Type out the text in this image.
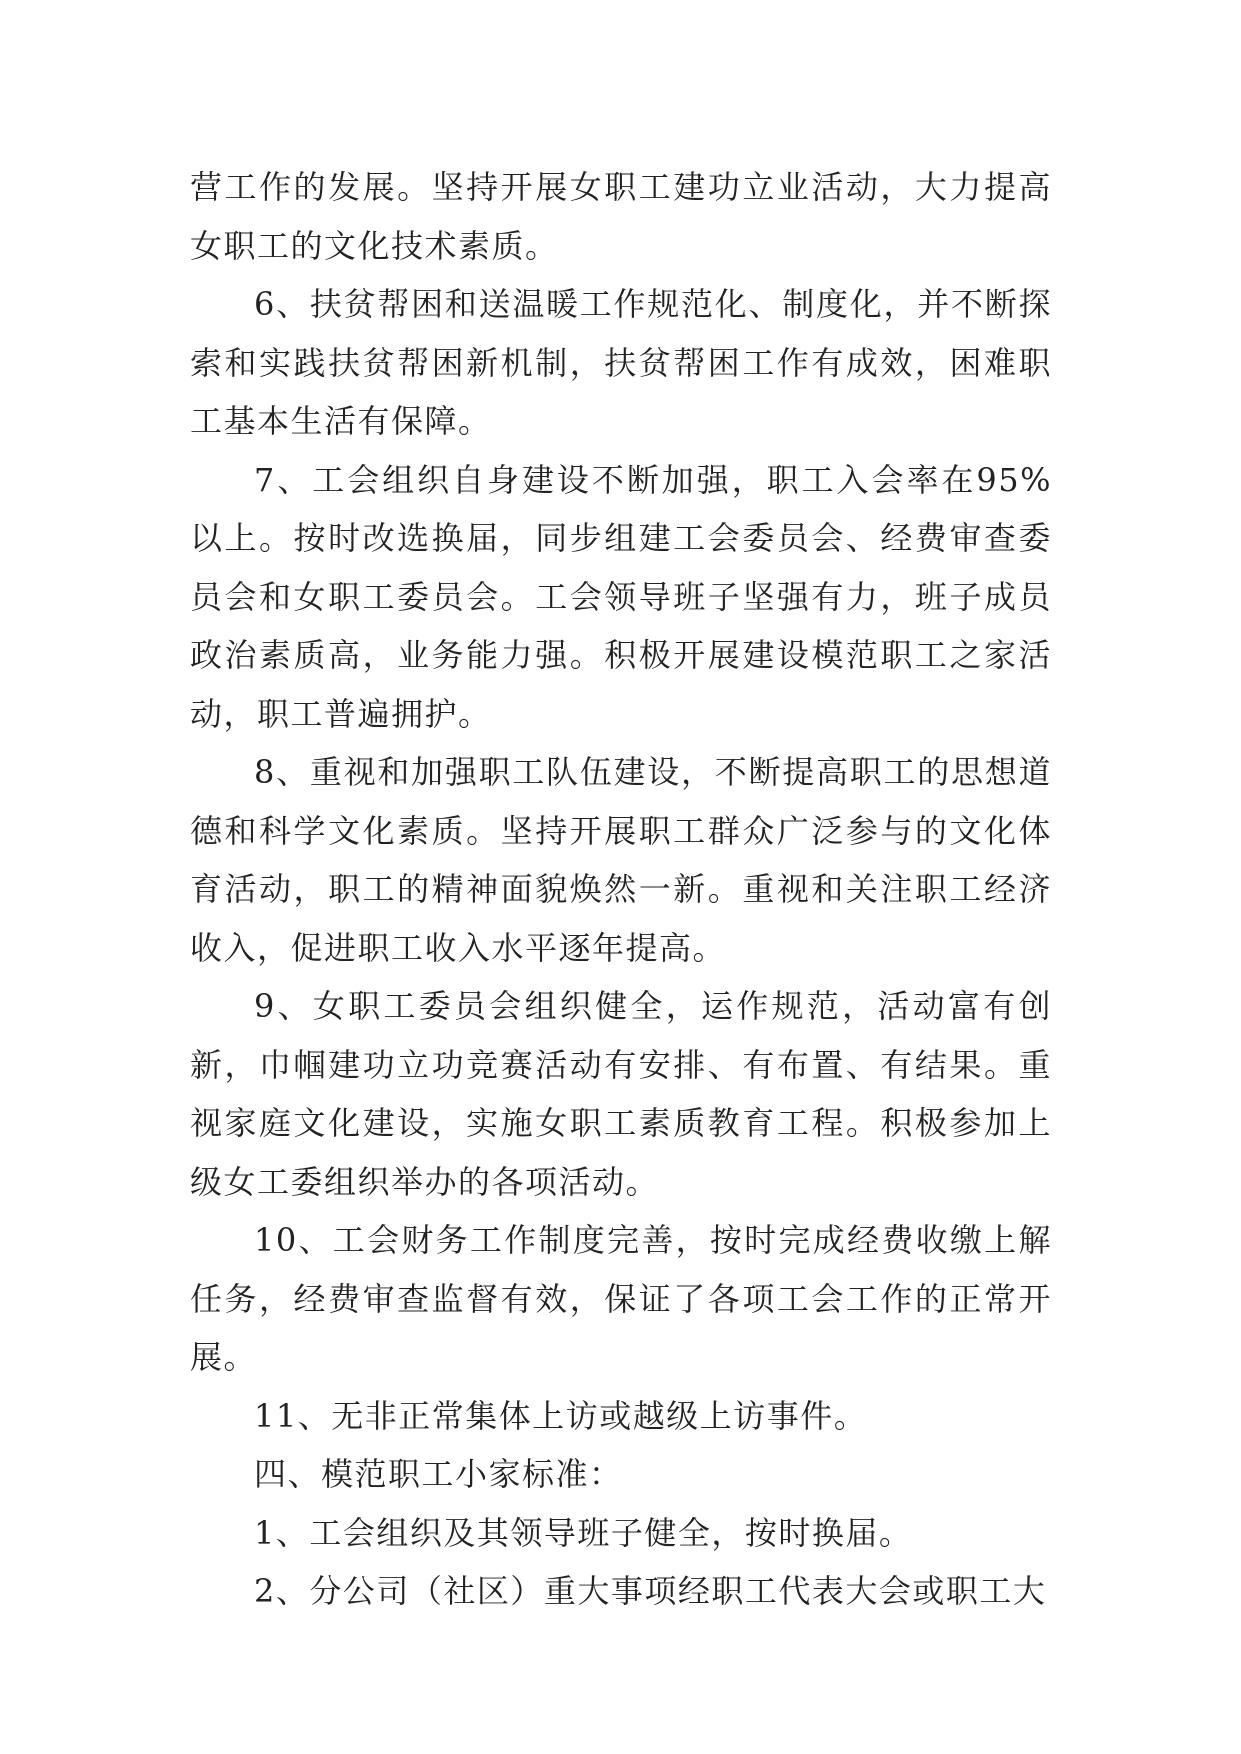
营工作的发展。坚持开展女职工建功立业活动，大力提高女职工的文化技术素质。

6、扶贫帮困和送温暖工作规范化、制度化，并不断探索和实践扶贫帮困新机制，扶贫帮困工作有成效，困难职工基本生活有保障。

7、工会组织自身建设不断加强，职工入会率在95%以上。按时改选换届，同步组建工会委员会、经费审查委员会和女职工委员会。工会领导班子坚强有力，班子成员政治素质高，业务能力强。积极开展建设模范职工之家活动，职工普遍拥护。

8、重视和加强职工队伍建设，不断提高职工的思想道德和科学文化素质。坚持开展职工群众广泛参与的文化体育活动，职工的精神面貌焕然一新。重视和关注职工经济收入，促进职工收入水平逐年提高。

9、女职工委员会组织健全，运作规范，活动富有创新，巾帼建功立功竞赛活动有安排、有布置、有结果。重视家庭文化建设，实施女职工素质教育工程。积极参加上级女工委组织举办的各项活动。

10、工会财务工作制度完善，按时完成经费收缴上解任务，经费审查监督有效，保证了各项工会工作的正常开展。

11、无非正常集体上访或越级上访事件。

四、模范职工小家标准：

1、工会组织及其领导班子健全，按时换届。

2、分公司（社区）重大事项经职工代表大会或职工大
